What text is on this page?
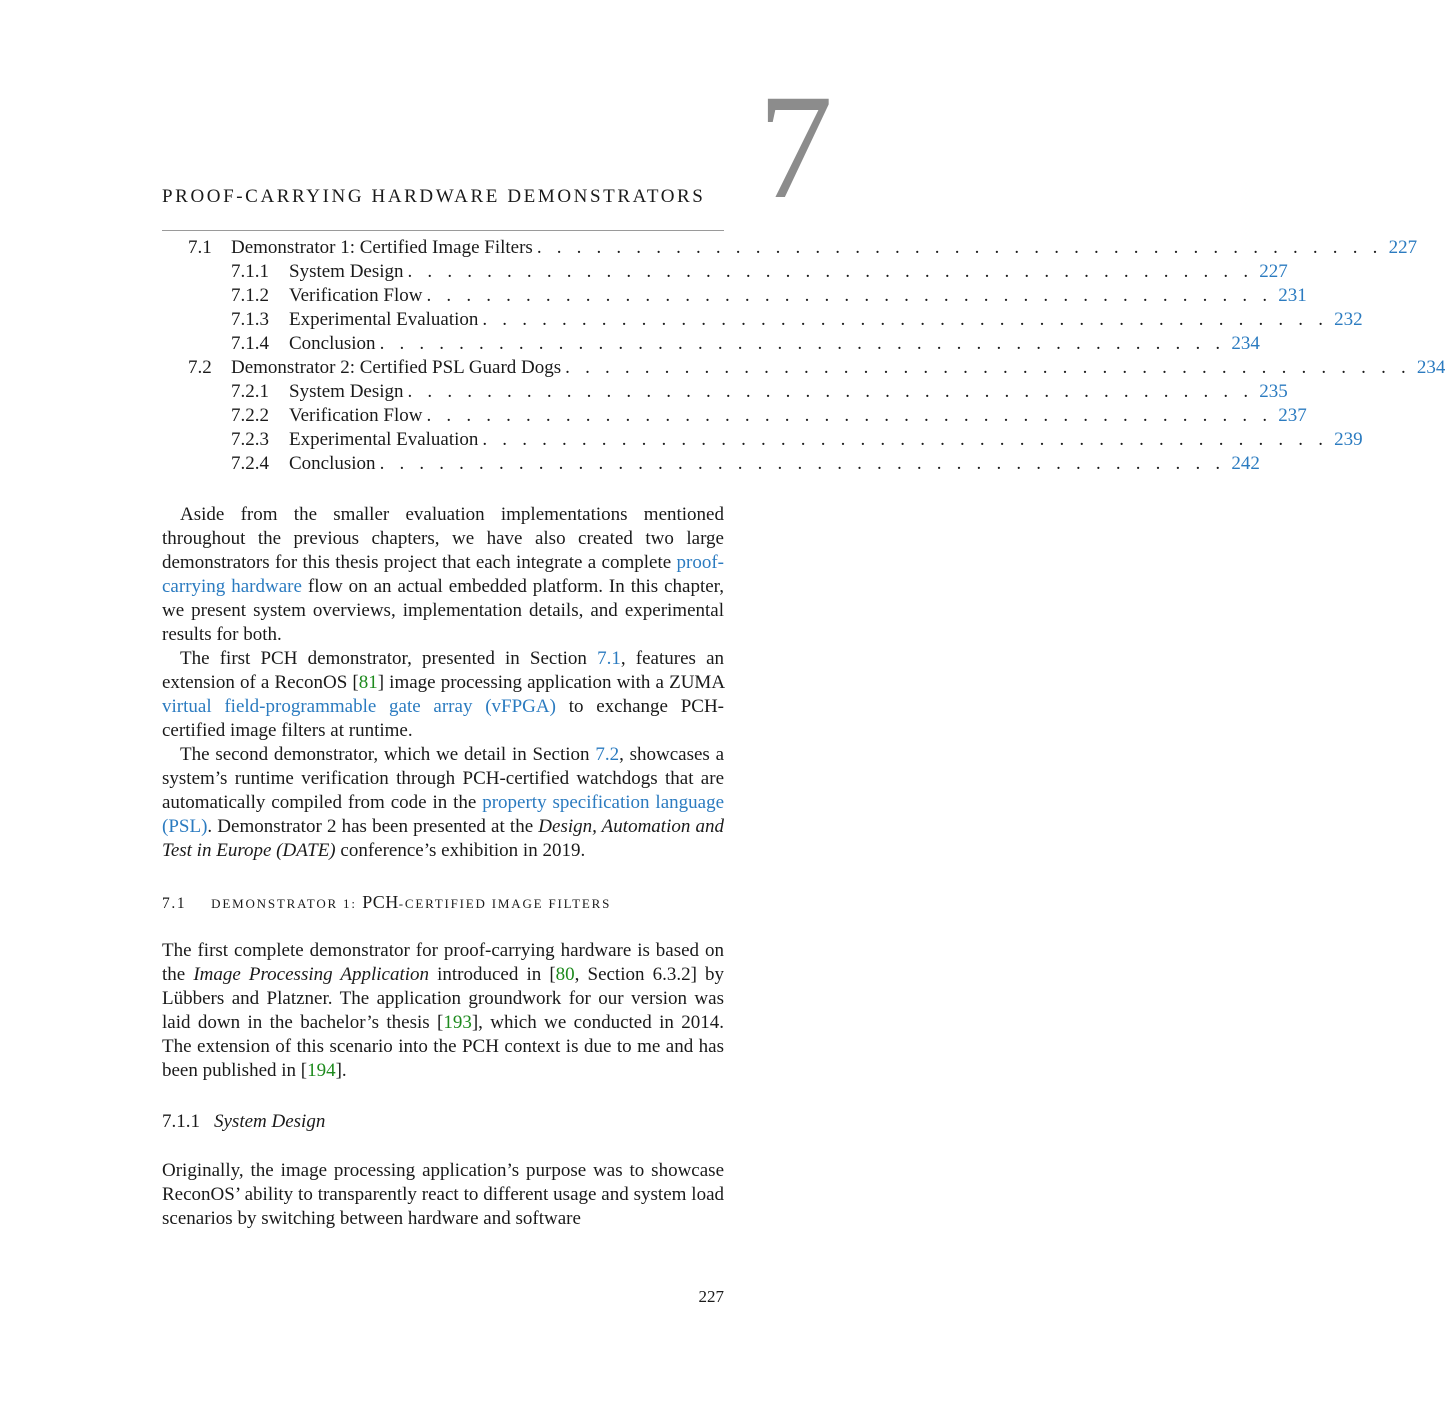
7
PROOF-CARRYING HARDWARE DEMONSTRATORS
7.1 Demonstrator 1: Certified Image Filters . . . . . . . . . . . . . . . . . . . . . . . . . . . . . . . . . . . . . . . . . . . 227
7.1.1 System Design . . . . . . . . . . . . . . . . . . . . . . . . . . . . . . . . . . . . . . . . . . . 227
7.1.2 Verification Flow . . . . . . . . . . . . . . . . . . . . . . . . . . . . . . . . . . . . . . . . . . . 231
7.1.3 Experimental Evaluation . . . . . . . . . . . . . . . . . . . . . . . . . . . . . . . . . . . . . . . . . . . 232
7.1.4 Conclusion . . . . . . . . . . . . . . . . . . . . . . . . . . . . . . . . . . . . . . . . . . . 234
7.2 Demonstrator 2: Certified PSL Guard Dogs . . . . . . . . . . . . . . . . . . . . . . . . . . . . . . . . . . . . . . . . . . . 234
7.2.1 System Design . . . . . . . . . . . . . . . . . . . . . . . . . . . . . . . . . . . . . . . . . . . 235
7.2.2 Verification Flow . . . . . . . . . . . . . . . . . . . . . . . . . . . . . . . . . . . . . . . . . . . 237
7.2.3 Experimental Evaluation . . . . . . . . . . . . . . . . . . . . . . . . . . . . . . . . . . . . . . . . . . . 239
7.2.4 Conclusion . . . . . . . . . . . . . . . . . . . . . . . . . . . . . . . . . . . . . . . . . . . 242

Aside from the smaller evaluation implementations mentioned throughout the previous chapters, we have also created two large demonstrators for this thesis project that each integrate a complete proof-carrying hardware flow on an actual embedded platform. In this chapter, we present system overviews, implementation details, and experimental results for both.

The first PCH demonstrator, presented in Section 7.1, features an extension of a ReconOS [81] image processing application with a ZUMA virtual field-programmable gate array (vFPGA) to exchange PCH-certified image filters at runtime.

The second demonstrator, which we detail in Section 7.2, showcases a system’s runtime verification through PCH-certified watchdogs that are automatically compiled from code in the property specification language (PSL). Demonstrator 2 has been presented at the Design, Automation and Test in Europe (DATE) conference’s exhibition in 2019.

7.1 DEMONSTRATOR 1: PCH-CERTIFIED IMAGE FILTERS

The first complete demonstrator for proof-carrying hardware is based on the Image Processing Application introduced in [80, Section 6.3.2] by Lübbers and Platzner. The application groundwork for our version was laid down in the bachelor’s thesis [193], which we conducted in 2014. The extension of this scenario into the PCH context is due to me and has been published in [194].

7.1.1 System Design

Originally, the image processing application’s purpose was to showcase ReconOS’ ability to transparently react to different usage and system load scenarios by switching between hardware and software

227
